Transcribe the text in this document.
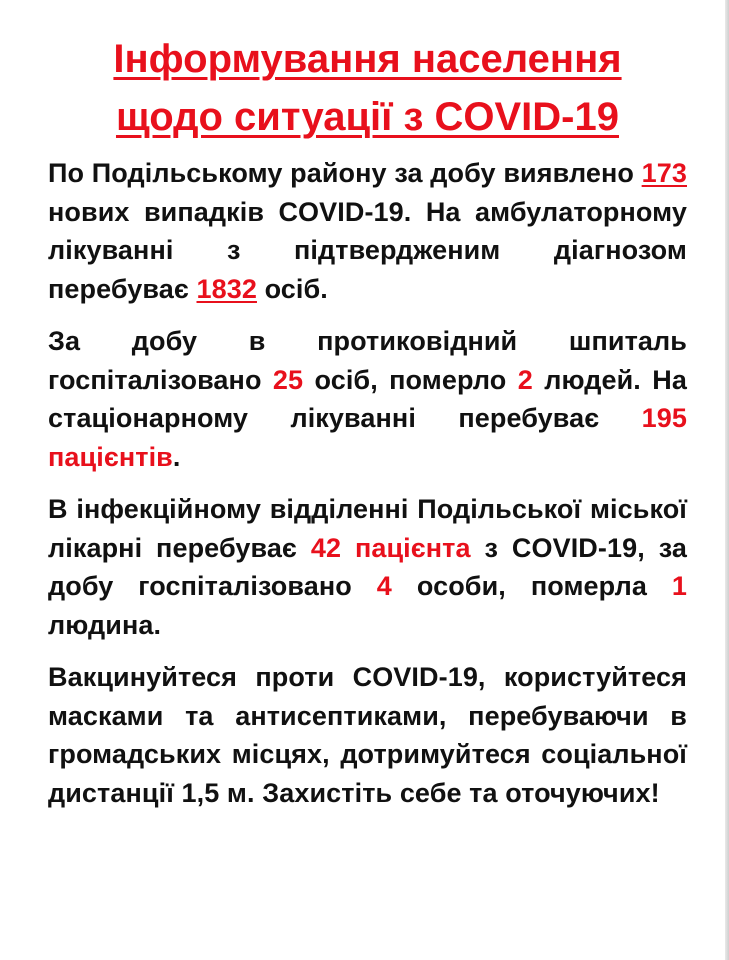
Інформування населення
щодо ситуації з COVID-19

По Подільському району за добу виявлено 173 нових випадків COVID-19. На амбулаторному лікуванні з підтвердженим діагнозом перебуває 1832 осіб.

За добу в протиковідний шпиталь госпіталізовано 25 осіб, померло 2 людей. На стаціонарному лікуванні перебуває 195 пацієнтів.

В інфекційному відділенні Подільської міської лікарні перебуває 42 пацієнта з COVID-19, за добу госпіталізовано 4 особи, померла 1 людина.

Вакцинуйтеся проти COVID-19, користуйтеся масками та антисептиками, перебуваючи в громадських місцях, дотримуйтеся соціальної дистанції 1,5 м. Захистіть себе та оточуючих!
